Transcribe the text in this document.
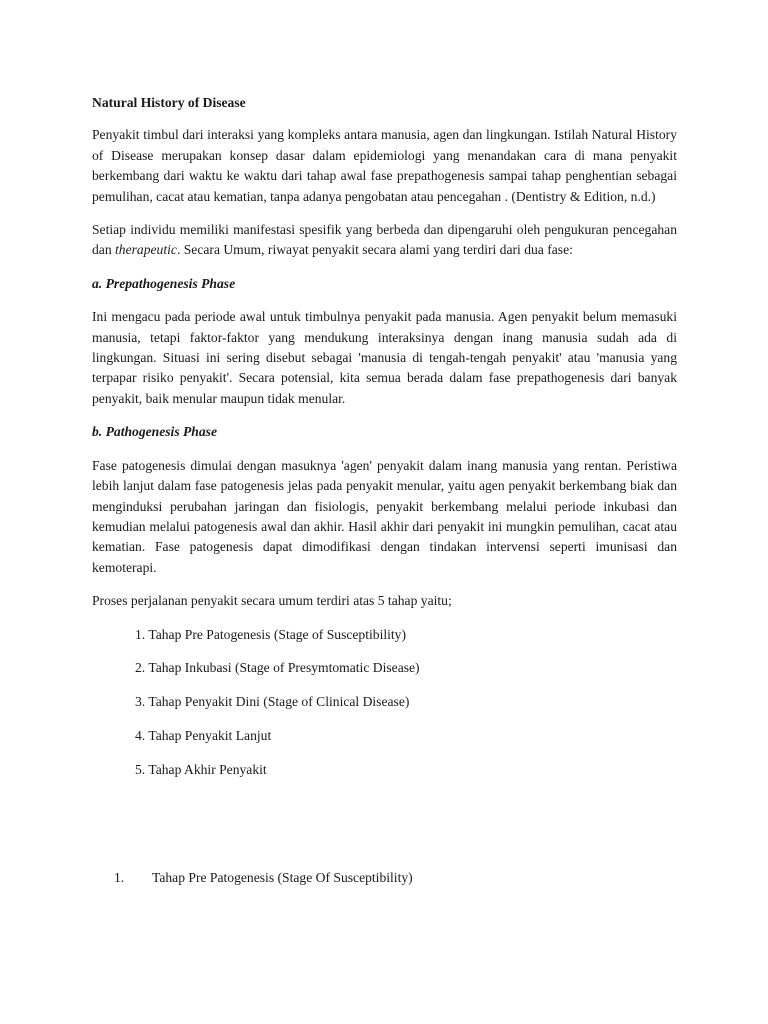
Natural History of Disease

Penyakit timbul dari interaksi yang kompleks antara manusia, agen dan lingkungan. Istilah Natural History of Disease merupakan konsep dasar dalam epidemiologi yang menandakan cara di mana penyakit berkembang dari waktu ke waktu dari tahap awal fase prepathogenesis sampai tahap penghentian sebagai pemulihan, cacat atau kematian, tanpa adanya pengobatan atau pencegahan . (Dentistry & Edition, n.d.)

Setiap individu memiliki manifestasi spesifik yang berbeda dan dipengaruhi oleh pengukuran pencegahan dan therapeutic. Secara Umum, riwayat penyakit secara alami yang terdiri dari dua fase:

a. Prepathogenesis Phase

Ini mengacu pada periode awal untuk timbulnya penyakit pada manusia. Agen penyakit belum memasuki manusia, tetapi faktor-faktor yang mendukung interaksinya dengan inang manusia sudah ada di lingkungan. Situasi ini sering disebut sebagai 'manusia di tengah-tengah penyakit' atau 'manusia yang terpapar risiko penyakit'. Secara potensial, kita semua berada dalam fase prepathogenesis dari banyak penyakit, baik menular maupun tidak menular.

b. Pathogenesis Phase

Fase patogenesis dimulai dengan masuknya 'agen' penyakit dalam inang manusia yang rentan. Peristiwa lebih lanjut dalam fase patogenesis jelas pada penyakit menular, yaitu agen penyakit berkembang biak dan menginduksi perubahan jaringan dan fisiologis, penyakit berkembang melalui periode inkubasi dan kemudian melalui patogenesis awal dan akhir. Hasil akhir dari penyakit ini mungkin pemulihan, cacat atau kematian. Fase patogenesis dapat dimodifikasi dengan tindakan intervensi seperti imunisasi dan kemoterapi.

Proses perjalanan penyakit secara umum terdiri atas 5 tahap yaitu;
1. Tahap Pre Patogenesis (Stage of Susceptibility)
2. Tahap Inkubasi (Stage of Presymtomatic Disease)
3. Tahap Penyakit Dini (Stage of Clinical Disease)
4. Tahap Penyakit Lanjut
5. Tahap Akhir Penyakit
1. Tahap Pre Patogenesis (Stage Of Susceptibility)
